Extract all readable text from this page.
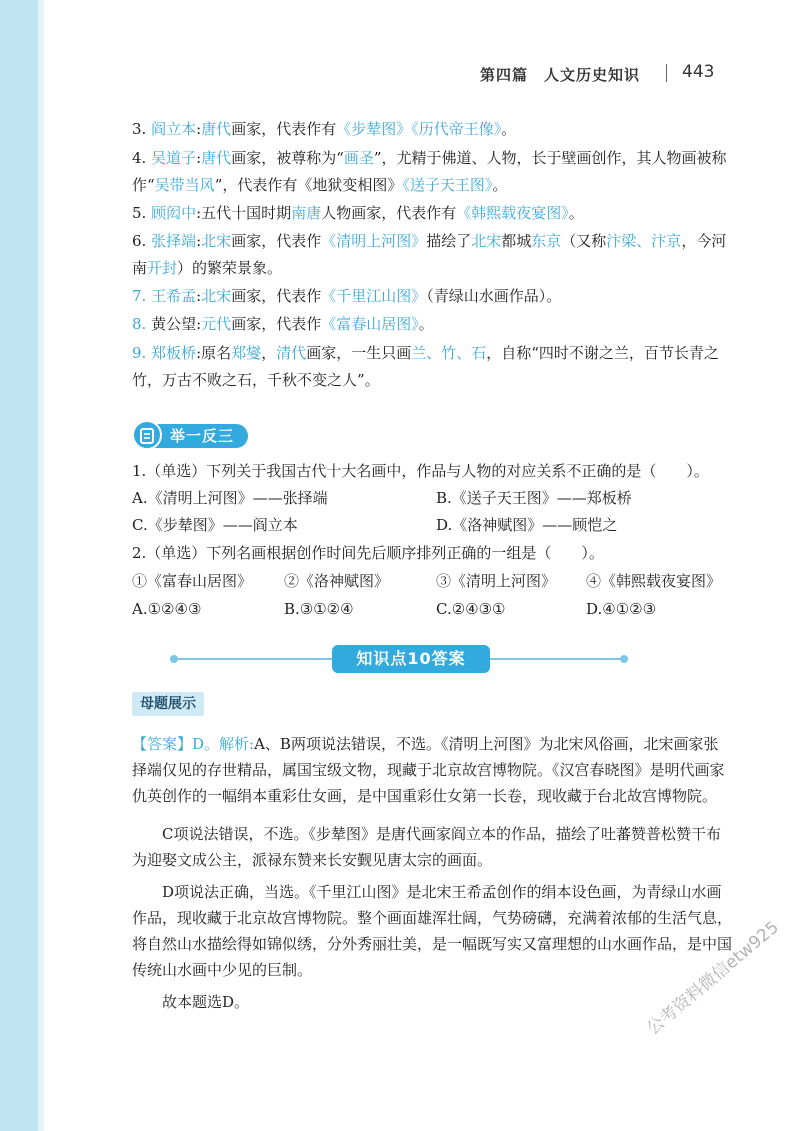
第四篇　人文历史知识 443

3. 阎立本:唐代画家，代表作有《步辇图》《历代帝王像》。

4. 吴道子:唐代画家，被尊称为“画圣”，尤精于佛道、人物，长于壁画创作，其人物画被称作“吴带当风”，代表作有《地狱变相图》《送子天王图》。

5. 顾闳中:五代十国时期南唐人物画家，代表作有《韩熙载夜宴图》。

6. 张择端:北宋画家，代表作《清明上河图》描绘了北宋都城东京（又称汴梁、汴京，今河南开封）的繁荣景象。

7. 王希孟:北宋画家，代表作《千里江山图》（青绿山水画作品）。

8. 黄公望:元代画家，代表作《富春山居图》。

9. 郑板桥:原名郑燮，清代画家，一生只画兰、竹、石，自称“四时不谢之兰，百节长青之竹，万古不败之石，千秋不变之人”。

举一反三
1.（单选）下列关于我国古代十大名画中，作品与人物的对应关系不正确的是（　　）。
A.《清明上河图》——张择端	B.《送子天王图》——郑板桥
C.《步辇图》——阎立本	D.《洛神赋图》——顾恺之
2.（单选）下列名画根据创作时间先后顺序排列正确的一组是（　　）。
①《富春山居图》 ②《洛神赋图》	③《清明上河图》 ④《韩熙载夜宴图》
A.①②④③	B.③①②④	C.②④③①	D.④①②③
知识点10答案
母题展示

【答案】D。解析:A、B两项说法错误，不选。《清明上河图》为北宋风俗画，北宋画家张择端仅见的存世精品，属国宝级文物，现藏于北京故宫博物院。《汉宫春晓图》是明代画家仇英创作的一幅绢本重彩仕女画，是中国重彩仕女第一长卷，现收藏于台北故宫博物院。

C项说法错误，不选。《步辇图》是唐代画家阎立本的作品，描绘了吐蕃赞普松赞干布为迎娶文成公主，派禄东赞来长安觐见唐太宗的画面。

D项说法正确，当选。《千里江山图》是北宋王希孟创作的绢本设色画，为青绿山水画作品，现收藏于北京故宫博物院。整个画面雄浑壮阔，气势磅礴，充满着浓郁的生活气息，将自然山水描绘得如锦似绣，分外秀丽壮美，是一幅既写实又富理想的山水画作品，是中国传统山水画中少见的巨制。

故本题选D。	公考资料微信etw925
